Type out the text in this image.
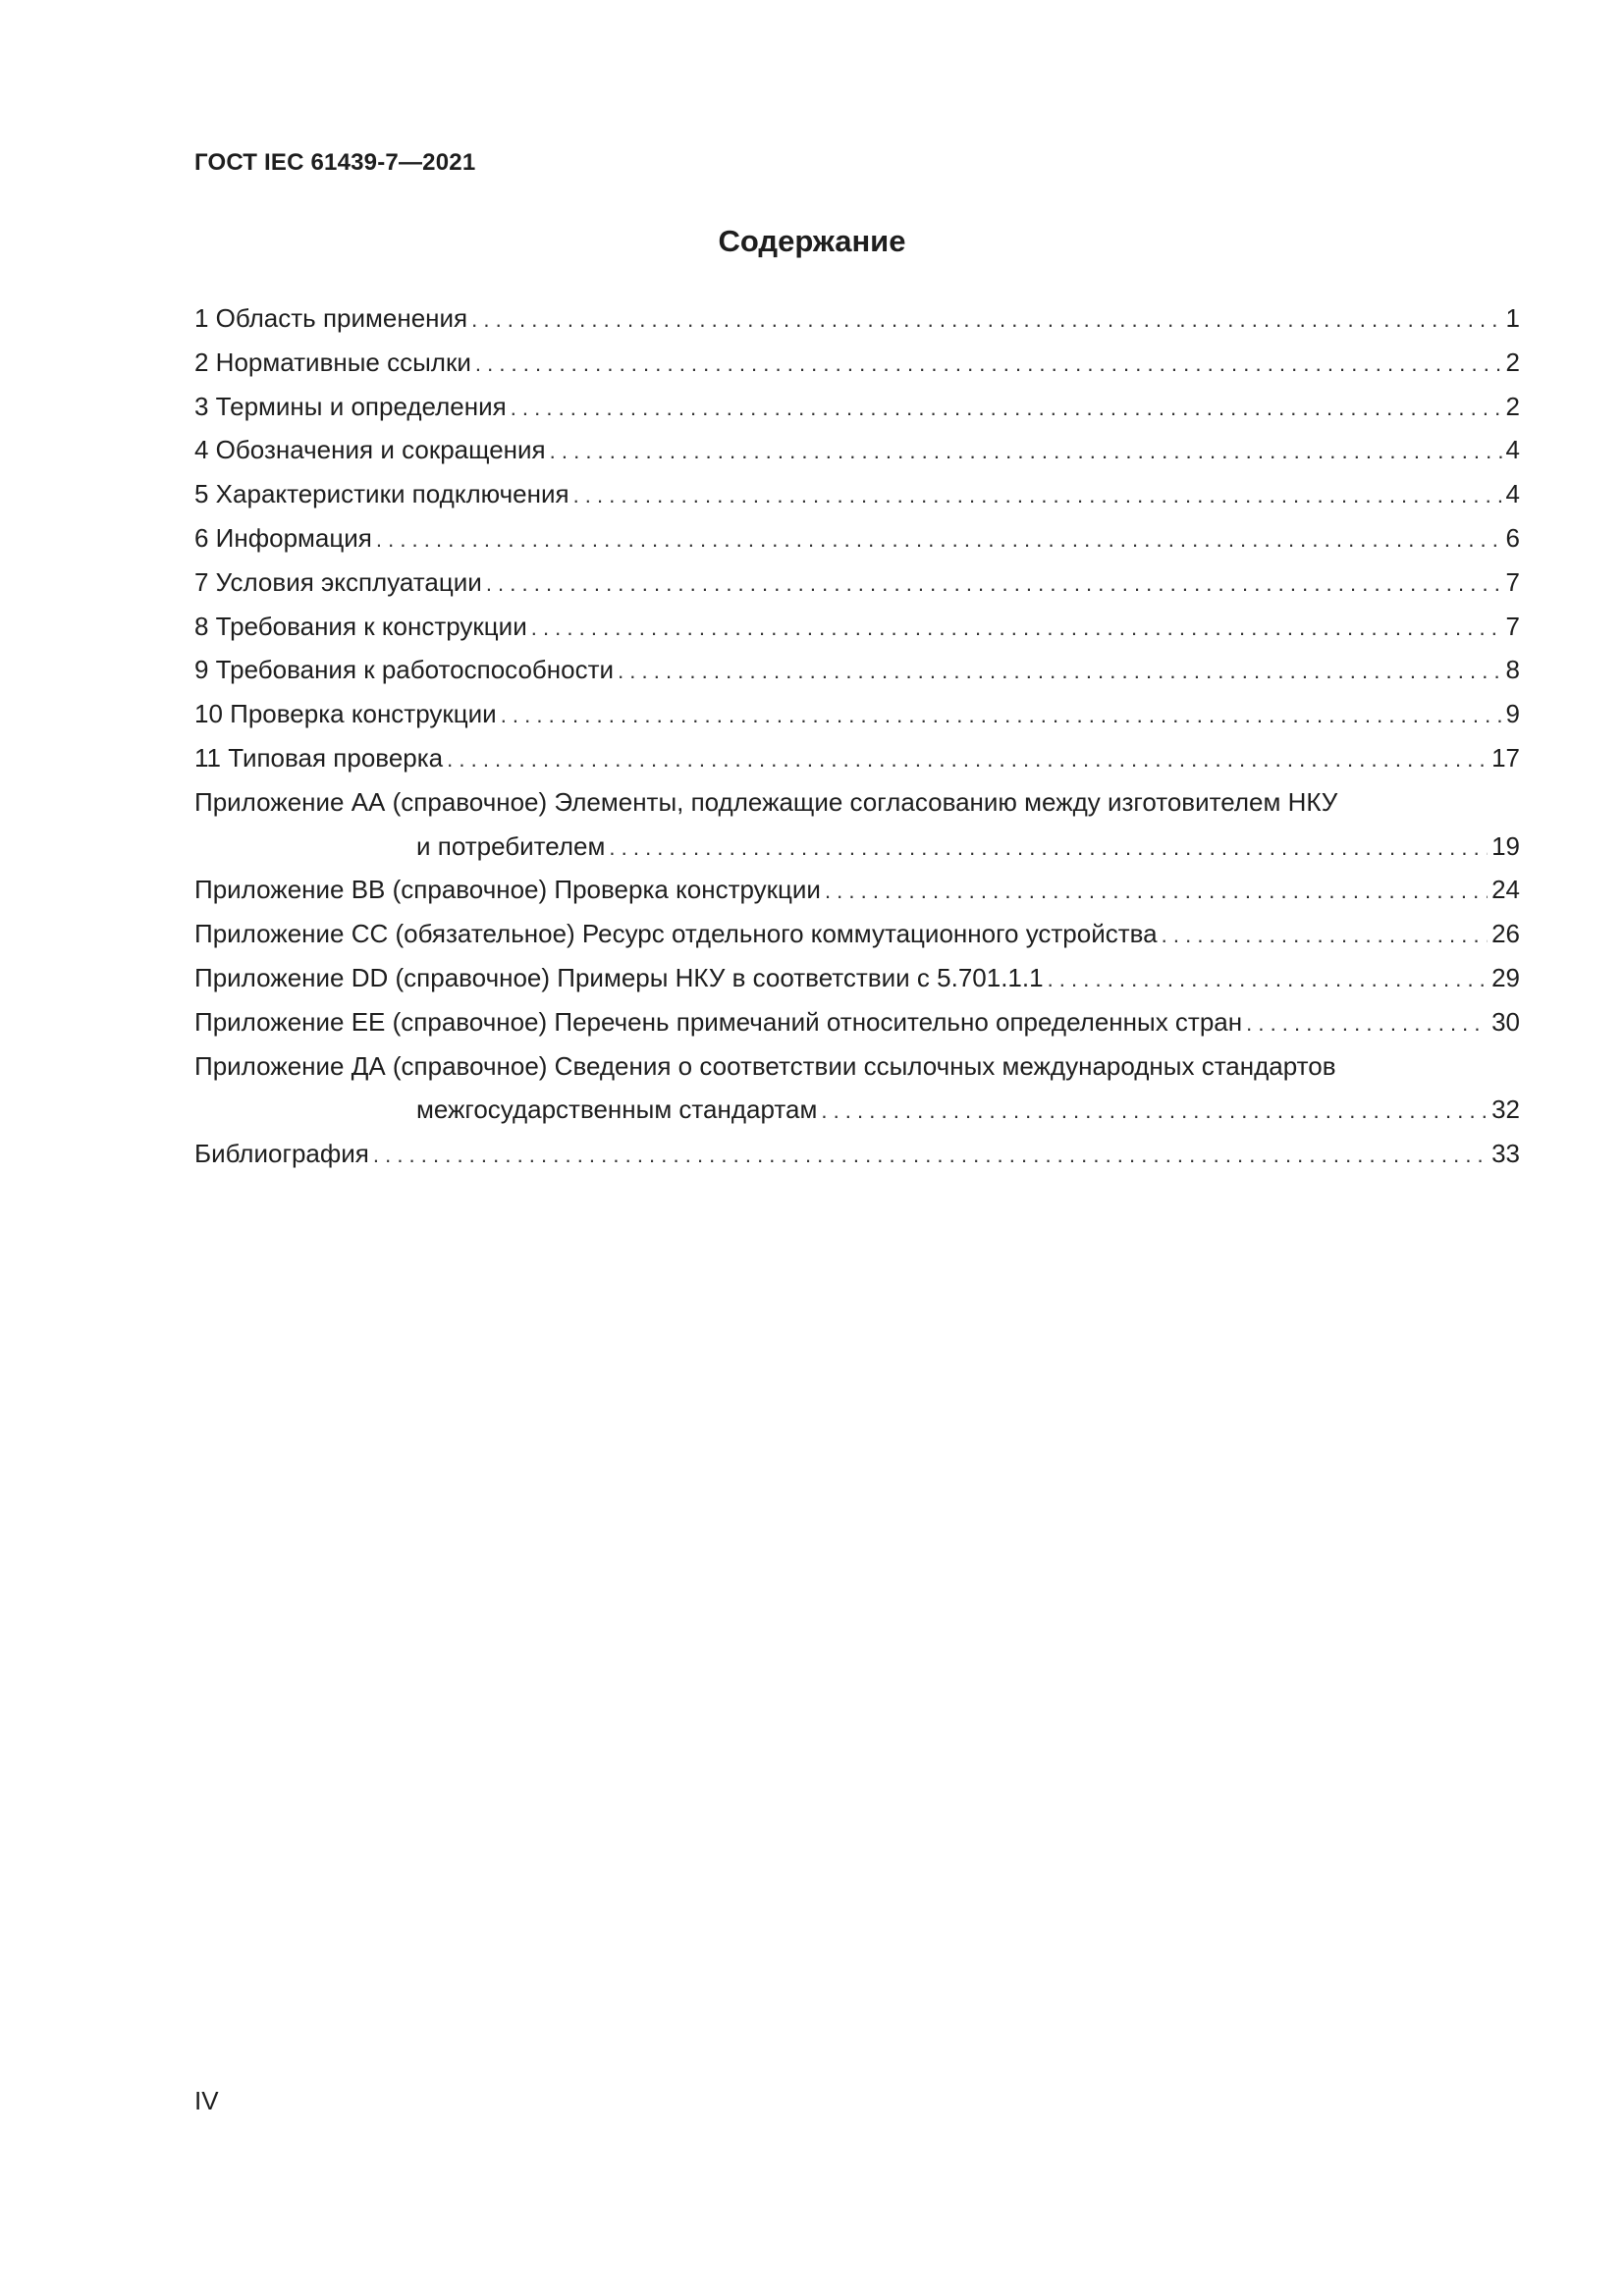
ГОСТ IEC 61439-7—2021
Содержание
1 Область применения . . .	1
2 Нормативные ссылки . . .	2
3 Термины и определения . . .	2
4 Обозначения и сокращения . . .	4
5 Характеристики подключения . . .	4
6 Информация . . .	6
7 Условия эксплуатации . . .	7
8 Требования к конструкции . . .	7
9 Требования к работоспособности . . .	8
10 Проверка конструкции . . .	9
11 Типовая проверка . . .	17
Приложение АА (справочное) Элементы, подлежащие согласованию между изготовителем НКУ
и потребителем . . .	19
Приложение ВВ (справочное) Проверка конструкции . . .	24
Приложение СС (обязательное) Ресурс отдельного коммутационного устройства . . .	26
Приложение DD (справочное) Примеры НКУ в соответствии с 5.701.1.1 . . .	29
Приложение ЕЕ (справочное) Перечень примечаний относительно определенных стран . . .	30
Приложение ДА (справочное) Сведения о соответствии ссылочных международных стандартов
межгосударственным стандартам . . .	32
Библиография . . .	33
IV
